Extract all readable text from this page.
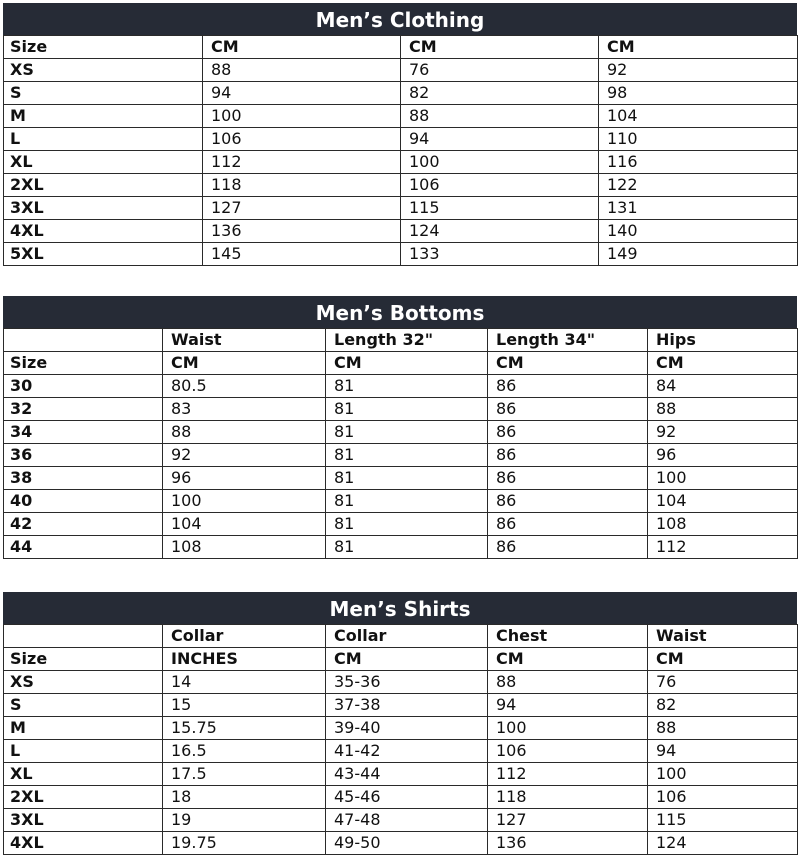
Men’s Clothing
Size	CM	CM	CM
XS	88	76	92
S	94	82	98
M	100	88	104
L	106	94	110
XL	112	100	116
2XL	118	106	122
3XL	127	115	131
4XL	136	124	140
5XL	145	133	149
Men’s Bottoms
	Waist	Length 32"	Length 34"	Hips
Size	CM	CM	CM	CM
30	80.5	81	86	84
32	83	81	86	88
34	88	81	86	92
36	92	81	86	96
38	96	81	86	100
40	100	81	86	104
42	104	81	86	108
44	108	81	86	112
Men’s Shirts
	Collar	Collar	Chest	Waist
Size	INCHES	CM	CM	CM
XS	14	35-36	88	76
S	15	37-38	94	82
M	15.75	39-40	100	88
L	16.5	41-42	106	94
XL	17.5	43-44	112	100
2XL	18	45-46	118	106
3XL	19	47-48	127	115
4XL	19.75	49-50	136	124
